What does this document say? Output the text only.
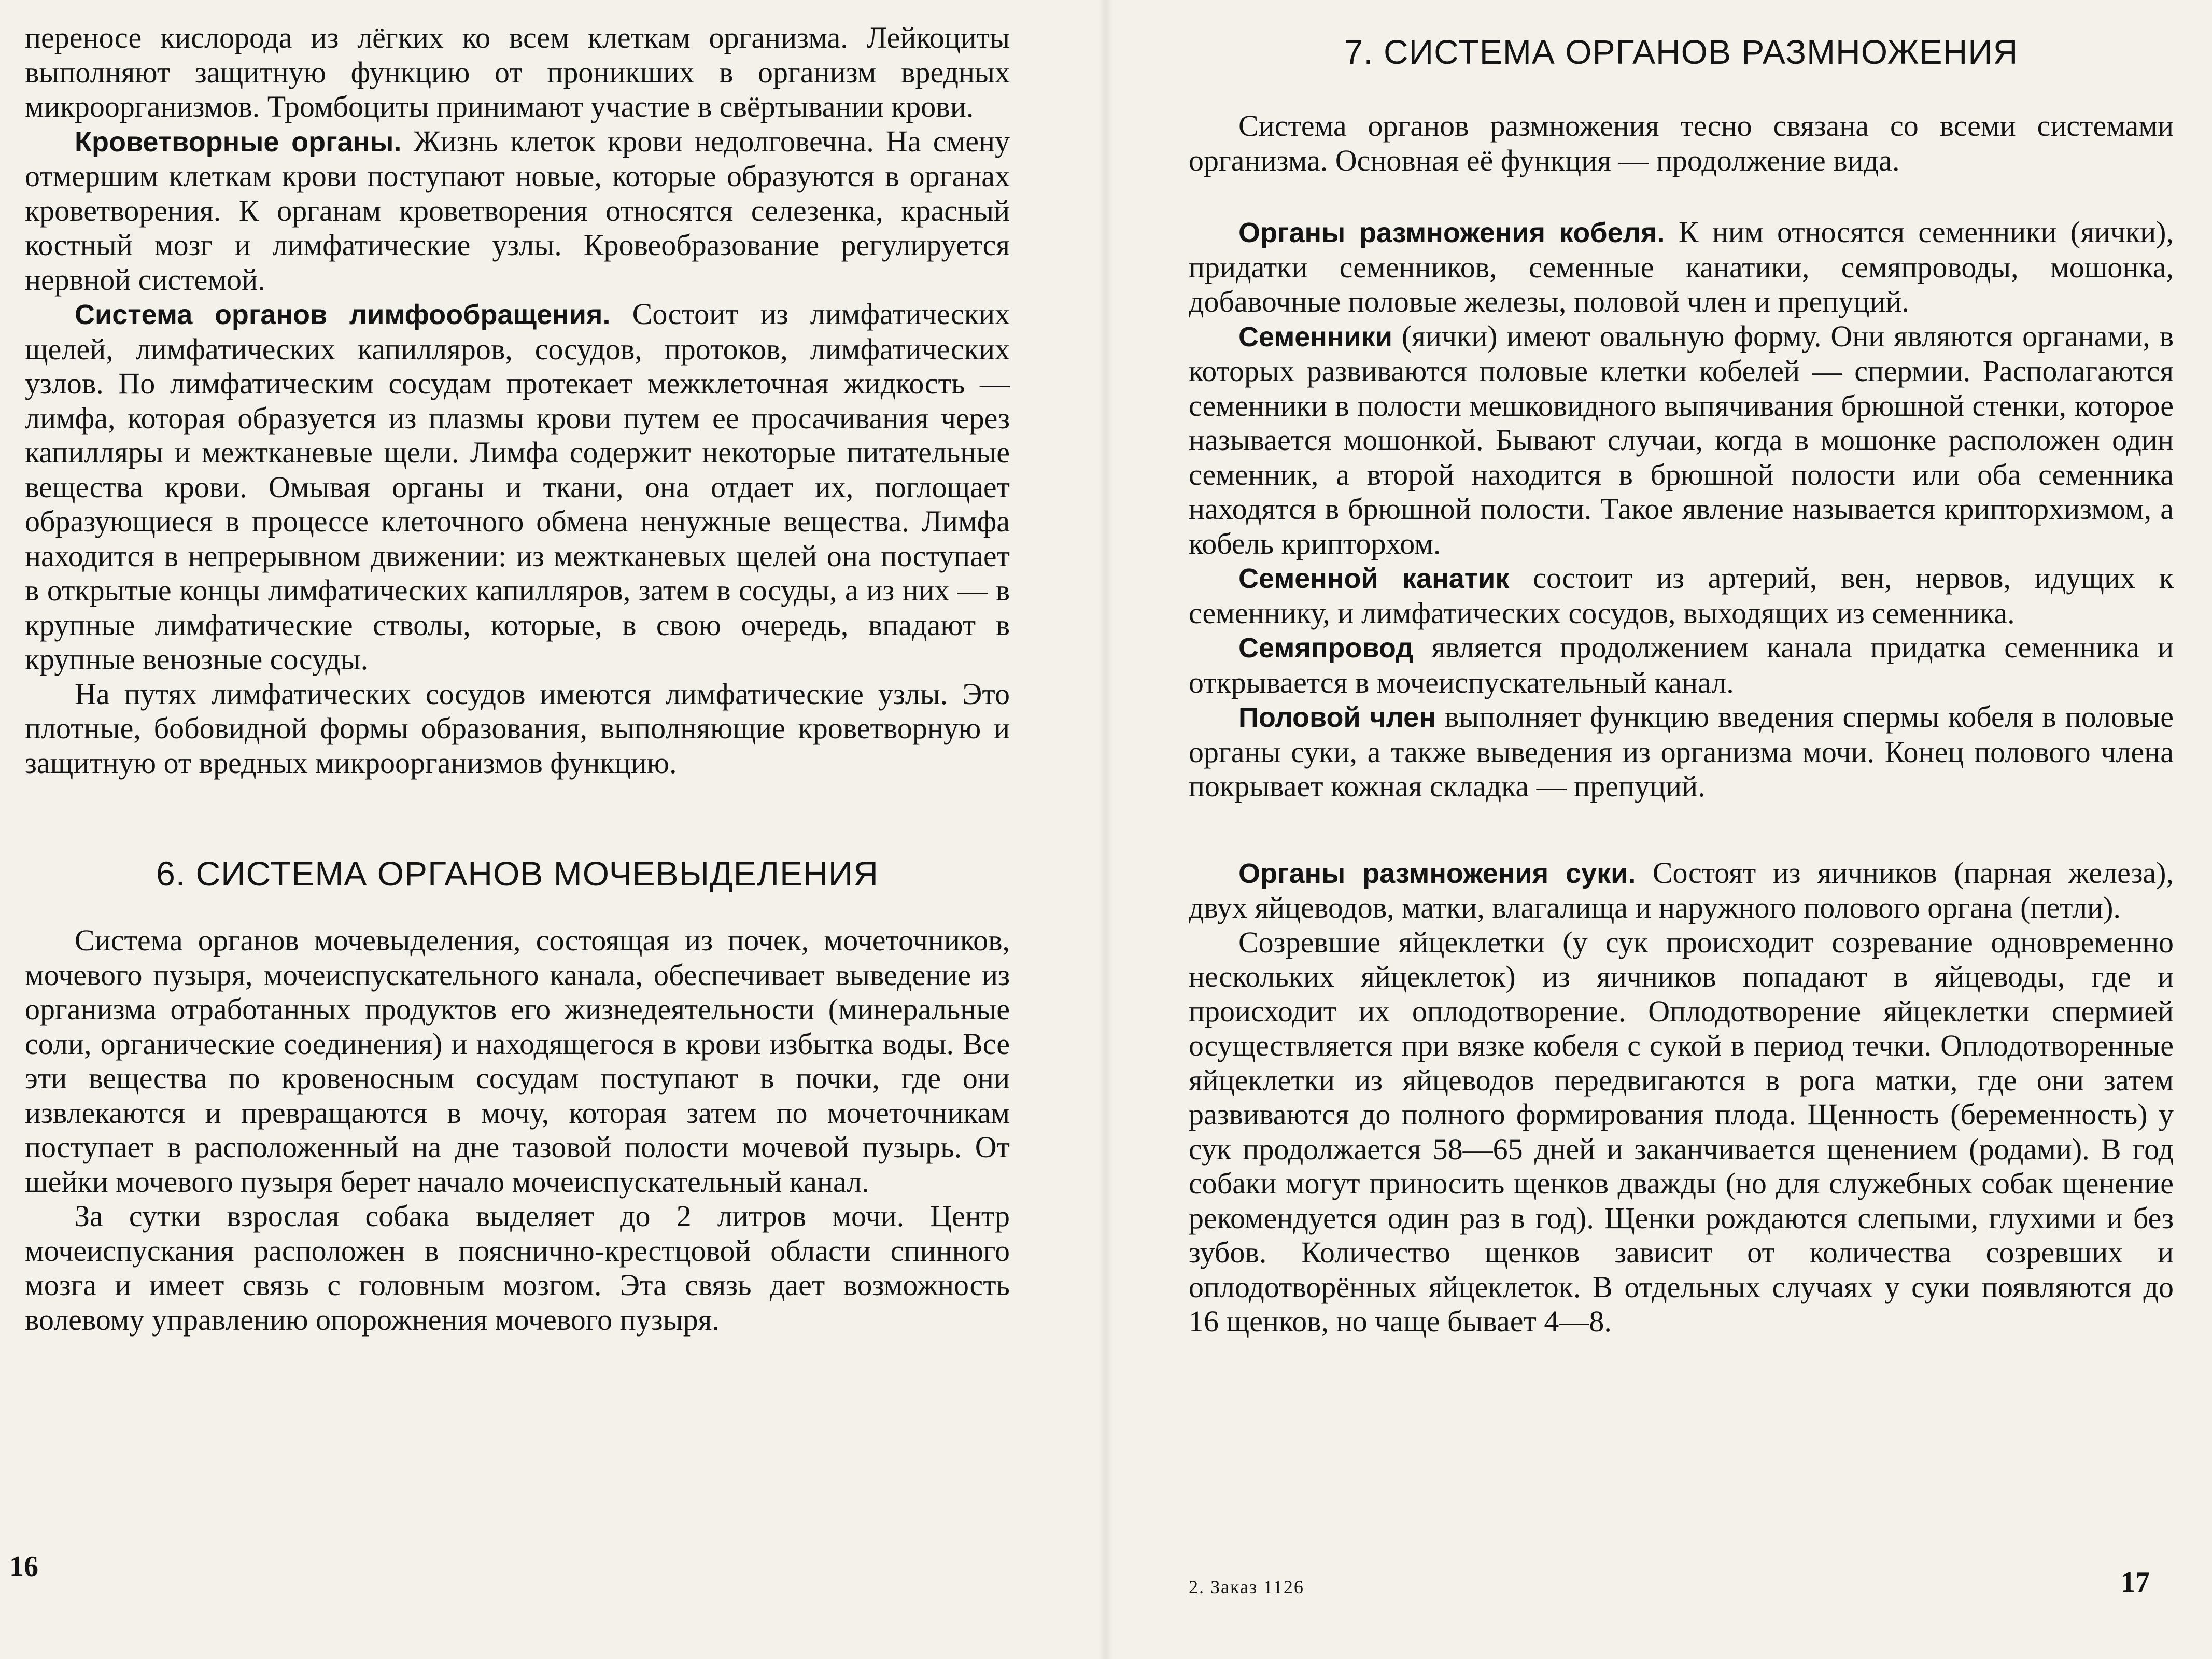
переносе кислорода из лёгких ко всем клеткам организма. Лейкоциты выполняют защитную функцию от проникших в организм вредных микроорганизмов. Тромбоциты принимают участие в свёртывании крови.

Кроветворные органы. Жизнь клеток крови недолговечна. На смену отмершим клеткам крови поступают новые, которые образуются в органах кроветворения. К органам кроветворения относятся селезенка, красный костный мозг и лимфатические узлы. Кровеобразование регулируется нервной системой.

Система органов лимфообращения. Состоит из лимфатических щелей, лимфатических капилляров, сосудов, протоков, лимфатических узлов. По лимфатическим сосудам протекает межклеточная жидкость — лимфа, которая образуется из плазмы крови путем ее просачивания через капилляры и межтканевые щели. Лимфа содержит некоторые питательные вещества крови. Омывая органы и ткани, она отдает их, поглощает образующиеся в процессе клеточного обмена ненужные вещества. Лимфа находится в непрерывном движении: из межтканевых щелей она поступает в открытые концы лимфатических капилляров, затем в сосуды, а из них — в крупные лимфатические стволы, которые, в свою очередь, впадают в крупные венозные сосуды.

На путях лимфатических сосудов имеются лимфатические узлы. Это плотные, бобовидной формы образования, выполняющие кроветворную и защитную от вредных микроорганизмов функцию.

6. СИСТЕМА ОРГАНОВ МОЧЕВЫДЕЛЕНИЯ

Система органов мочевыделения, состоящая из почек, мочеточников, мочевого пузыря, мочеиспускательного канала, обеспечивает выведение из организма отработанных продуктов его жизнедеятельности (минеральные соли, органические соединения) и находящегося в крови избытка воды. Все эти вещества по кровеносным сосудам поступают в почки, где они извлекаются и превращаются в мочу, которая затем по мочеточникам поступает в расположенный на дне тазовой полости мочевой пузырь. От шейки мочевого пузыря берет начало мочеиспускательный канал.

За сутки взрослая собака выделяет до 2 литров мочи. Центр мочеиспускания расположен в пояснично-крестцовой области спинного мозга и имеет связь с головным мозгом. Эта связь дает возможность волевому управлению опорожнения мочевого пузыря.

16
7. СИСТЕМА ОРГАНОВ РАЗМНОЖЕНИЯ

Система органов размножения тесно связана со всеми системами организма. Основная её функция — продолжение вида.

Органы размножения кобеля. К ним относятся семенники (яички), придатки семенников, семенные канатики, семяпроводы, мошонка, добавочные половые железы, половой член и препуций.

Семенники (яички) имеют овальную форму. Они являются органами, в которых развиваются половые клетки кобелей — спермии. Располагаются семенники в полости мешковидного выпячивания брюшной стенки, которое называется мошонкой. Бывают случаи, когда в мошонке расположен один семенник, а второй находится в брюшной полости или оба семенника находятся в брюшной полости. Такое явление называется крипторхизмом, а кобель крипторхом.

Семенной канатик состоит из артерий, вен, нервов, идущих к семеннику, и лимфатических сосудов, выходящих из семенника.

Семяпровод является продолжением канала придатка семенника и открывается в мочеиспускательный канал.

Половой член выполняет функцию введения спермы кобеля в половые органы суки, а также выведения из организма мочи. Конец полового члена покрывает кожная складка — препуций.

Органы размножения суки. Состоят из яичников (парная железа), двух яйцеводов, матки, влагалища и наружного полового органа (петли).

Созревшие яйцеклетки (у сук происходит созревание одновременно нескольких яйцеклеток) из яичников попадают в яйцеводы, где и происходит их оплодотворение. Оплодотворение яйцеклетки спермией осуществляется при вязке кобеля с сукой в период течки. Оплодотворенные яйцеклетки из яйцеводов передвигаются в рога матки, где они затем развиваются до полного формирования плода. Щенность (беременность) у сук продолжается 58—65 дней и заканчивается щенением (родами). В год собаки могут приносить щенков дважды (но для служебных собак щенение рекомендуется один раз в год). Щенки рождаются слепыми, глухими и без зубов. Количество щенков зависит от количества созревших и оплодотворённых яйцеклеток. В отдельных случаях у суки появляются до 16 щенков, но чаще бывает 4—8.

2. Заказ 1126	17
